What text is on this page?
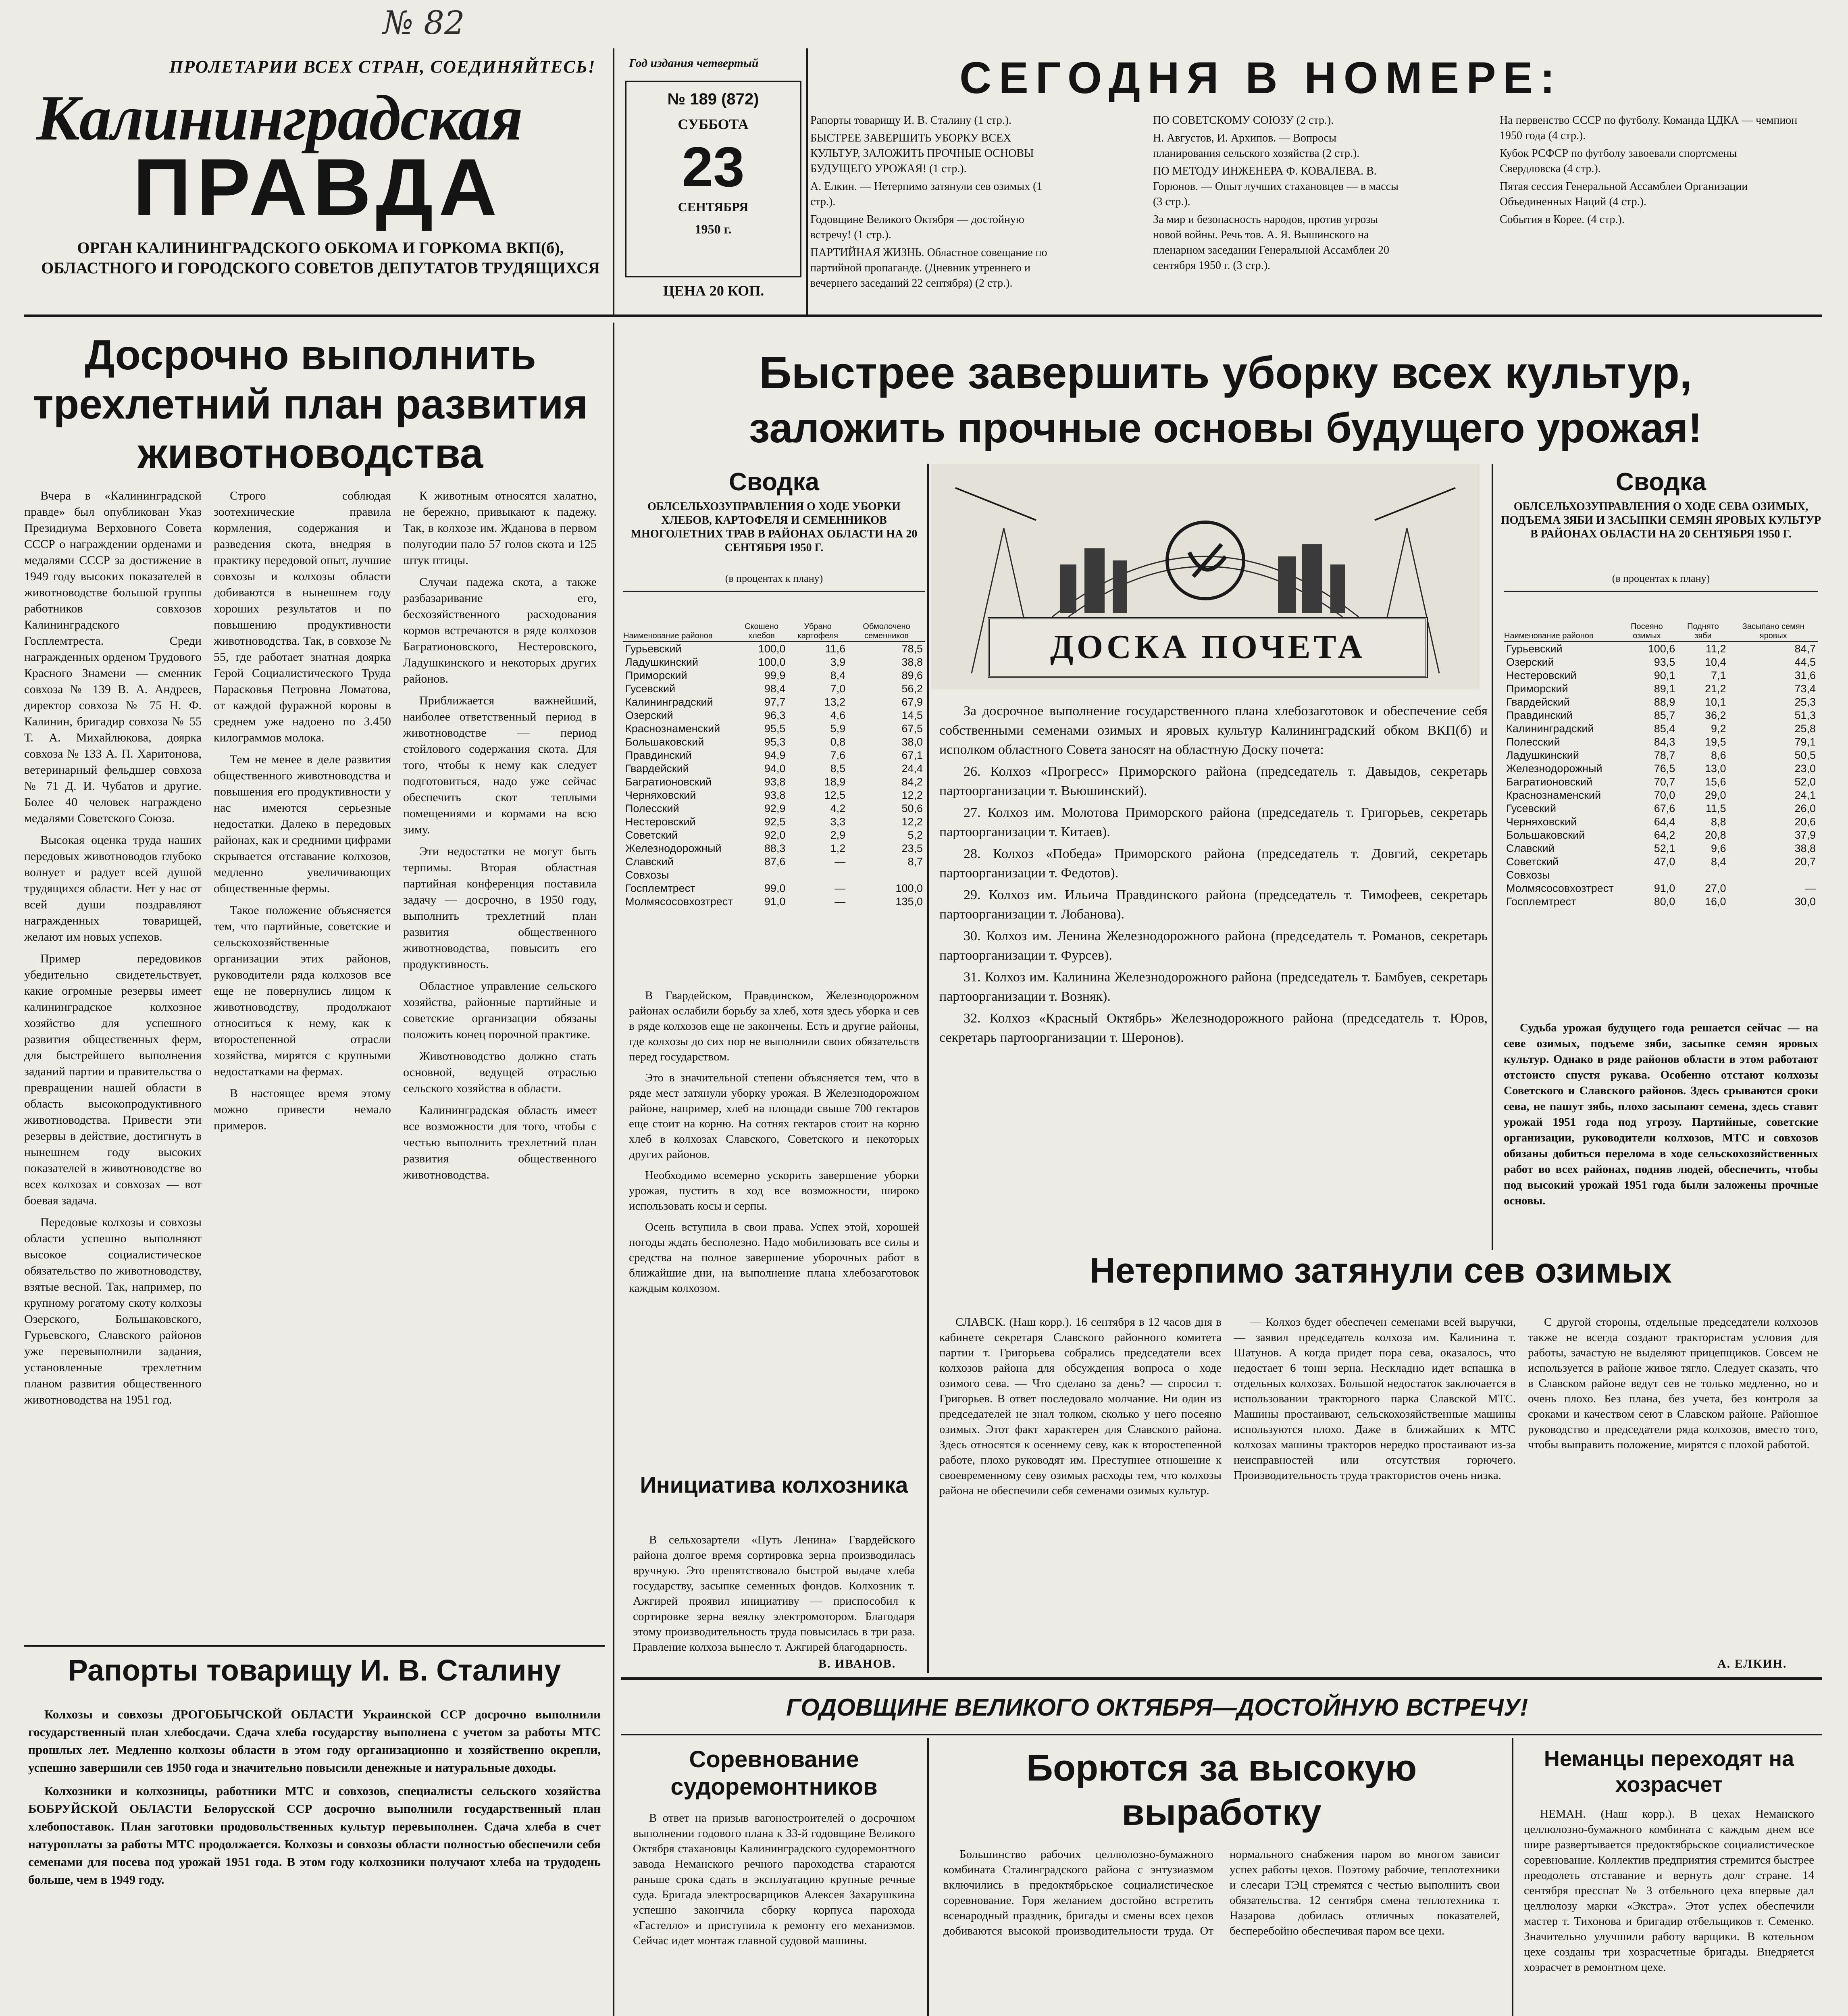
№ 82
ПРОЛЕТАРИИ ВСЕХ СТРАН, СОЕДИНЯЙТЕСЬ!
Калининградская
ПРАВДА
ОРГАН КАЛИНИНГРАДСКОГО ОБКОМА И ГОРКОМА ВКП(б), ОБЛАСТНОГО И ГОРОДСКОГО СОВЕТОВ ДЕПУТАТОВ ТРУДЯЩИХСЯ
Год издания четвертый
№ 189 (872)
СУББОТА
23
СЕНТЯБРЯ
1950 г.
ЦЕНА 20 КОП.
СЕГОДНЯ В НОМЕРЕ:

Рапорты товарищу И. В. Сталину (1 стр.).

БЫСТРЕЕ ЗАВЕРШИТЬ УБОРКУ ВСЕХ КУЛЬТУР, ЗАЛОЖИТЬ ПРОЧНЫЕ ОСНОВЫ БУДУЩЕГО УРОЖАЯ! (1 стр.).

А. Елкин. — Нетерпимо затянули сев озимых (1 стр.).

Годовщине Великого Октября — достойную встречу! (1 стр.).

ПАРТИЙНАЯ ЖИЗНЬ. Областное совещание по партийной пропаганде. (Дневник утреннего и вечернего заседаний 22 сентября) (2 стр.).

ПО СОВЕТСКОМУ СОЮЗУ (2 стр.).

Н. Августов, И. Архипов. — Вопросы планирования сельского хозяйства (2 стр.).

ПО МЕТОДУ ИНЖЕНЕРА Ф. КОВАЛЕВА. В. Горюнов. — Опыт лучших стахановцев — в массы (3 стр.).

За мир и безопасность народов, против угрозы новой войны. Речь тов. А. Я. Вышинского на пленарном заседании Генеральной Ассамблеи 20 сентября 1950 г. (3 стр.).

На первенство СССР по футболу. Команда ЦДКА — чемпион 1950 года (4 стр.).

Кубок РСФСР по футболу завоевали спортсмены Свердловска (4 стр.).

Пятая сессия Генеральной Ассамблеи Организации Объединенных Наций (4 стр.).

События в Корее. (4 стр.).

Досрочно выполнить трехлетний план развития животноводства

Вчера в «Калининградской правде» был опубликован Указ Президиума Верховного Совета СССР о награждении орденами и медалями СССР за достижение в 1949 году высоких показателей в животноводстве большой группы работников совхозов Калининградского Госплемтреста. Среди награжденных орденом Трудового Красного Знамени — сменник совхоза № 139 В. А. Андреев, директор совхоза № 75 Н. Ф. Калинин, бригадир совхоза № 55 Т. А. Михайлюкова, доярка совхоза № 133 А. П. Харитонова, ветеринарный фельдшер совхоза № 71 Д. И. Чубатов и другие. Более 40 человек награждено медалями Советского Союза.

Высокая оценка труда наших передовых животноводов глубоко волнует и радует всей душой трудящихся области. Нет у нас от всей души поздравляют награжденных товарищей, желают им новых успехов.

Пример передовиков убедительно свидетельствует, какие огромные резервы имеет калининградское колхозное хозяйство для успешного развития общественных ферм, для быстрейшего выполнения заданий партии и правительства о превращении нашей области в область высокопродуктивного животноводства. Привести эти резервы в действие, достигнуть в нынешнем году высоких показателей в животноводстве во всех колхозах и совхозах — вот боевая задача.

Передовые колхозы и совхозы области успешно выполняют высокое социалистическое обязательство по животноводству, взятые весной. Так, например, по крупному рогатому скоту колхозы Озерского, Большаковского, Гурьевского, Славского районов уже перевыполнили задания, установленные трехлетним планом развития общественного животноводства на 1951 год.

Строго соблюдая зоотехнические правила кормления, содержания и разведения скота, внедряя в практику передовой опыт, лучшие совхозы и колхозы области добиваются в нынешнем году хороших результатов и по повышению продуктивности животноводства. Так, в совхозе № 55, где работает знатная доярка Герой Социалистического Труда Парасковья Петровна Ломатова, от каждой фуражной коровы в среднем уже надоено по 3.450 килограммов молока.

Тем не менее в деле развития общественного животноводства и повышения его продуктивности у нас имеются серьезные недостатки. Далеко в передовых районах, как и средними цифрами скрывается отставание колхозов, медленно увеличивающих общественные фермы.

Такое положение объясняется тем, что партийные, советские и сельскохозяйственные организации этих районов, руководители ряда колхозов все еще не повернулись лицом к животноводству, продолжают относиться к нему, как к второстепенной отрасли хозяйства, мирятся с крупными недостатками на фермах.

В настоящее время этому можно привести немало примеров.

К животным относятся халатно, не бережно, привыкают к падежу. Так, в колхозе им. Жданова в первом полугодии пало 57 голов скота и 125 штук птицы.

Случаи падежа скота, а также разбазаривание его, бесхозяйственного расходования кормов встречаются в ряде колхозов Багратионовского, Нестеровского, Ладушкинского и некоторых других районов.

Приближается важнейший, наиболее ответственный период в животноводстве — период стойлового содержания скота. Для того, чтобы к нему как следует подготовиться, надо уже сейчас обеспечить скот теплыми помещениями и кормами на всю зиму.

Эти недостатки не могут быть терпимы. Вторая областная партийная конференция поставила задачу — досрочно, в 1950 году, выполнить трехлетний план развития общественного животноводства, повысить его продуктивность.

Областное управление сельского хозяйства, районные партийные и советские организации обязаны положить конец порочной практике.

Животноводство должно стать основной, ведущей отраслью сельского хозяйства в области.

Калининградская область имеет все возможности для того, чтобы с честью выполнить трехлетний план развития общественного животноводства.

Рапорты товарищу И. В. Сталину

Колхозы и совхозы ДРОГОБЫЧСКОЙ ОБЛАСТИ Украинской ССР досрочно выполнили государственный план хлебосдачи. Сдача хлеба государству выполнена с учетом за работы МТС прошлых лет. Медленно колхозы области в этом году организационно и хозяйственно окрепли, успешно завершили сев 1950 года и значительно повысили денежные и натуральные доходы.

Колхозники и колхозницы, работники МТС и совхозов, специалисты сельского хозяйства БОБРУЙСКОЙ ОБЛАСТИ Белорусской ССР досрочно выполнили государственный план хлебопоставок. План заготовки продовольственных культур перевыполнен. Сдача хлеба в счет натуроплаты за работы МТС продолжается. Колхозы и совхозы области полностью обеспечили себя семенами для посева под урожай 1951 года. В этом году колхозники получают хлеба на трудодень больше, чем в 1949 году.

Быстрее завершить уборку всех культур,
заложить прочные основы будущего урожая!
Сводка
ОБЛСЕЛЬХОЗУПРАВЛЕНИЯ О ХОДЕ УБОРКИ ХЛЕБОВ, КАРТОФЕЛЯ И СЕМЕННИКОВ МНОГОЛЕТНИХ ТРАВ В РАЙОНАХ ОБЛАСТИ НА 20 СЕНТЯБРЯ 1950 Г.
(в процентах к плану)
Наименование районов	Скошено хлебов	Убрано картофеля	Обмолочено семенников
Гурьевский	100,0	11,6	78,5
Ладушкинский	100,0	3,9	38,8
Приморский	99,9	8,4	89,6
Гусевский	98,4	7,0	56,2
Калининградский	97,7	13,2	67,9
Озерский	96,3	4,6	14,5
Краснознаменский	95,5	5,9	67,5
Большаковский	95,3	0,8	38,0
Правдинский	94,9	7,6	67,1
Гвардейский	94,0	8,5	24,4
Багратионовский	93,8	18,9	84,2
Черняховский	93,8	12,5	12,2
Полесский	92,9	4,2	50,6
Нестеровский	92,5	3,3	12,2
Советский	92,0	2,9	5,2
Железнодорожный	88,3	1,2	23,5
Славский	87,6	—	8,7
Совхозы			
Госплемтрест	99,0	—	100,0
Молмясосовхозтрест	91,0	—	135,0
ДОСКА ПОЧЕТА

За досрочное выполнение государственного плана хлебозаготовок и обеспечение себя собственными семенами озимых и яровых культур Калининградский обком ВКП(б) и исполком областного Совета заносят на областную Доску почета:

26. Колхоз «Прогресс» Приморского района (председатель т. Давыдов, секретарь партоорганизации т. Вьюшинский).

27. Колхоз им. Молотова Приморского района (председатель т. Григорьев, секретарь партоорганизации т. Китаев).

28. Колхоз «Победа» Приморского района (председатель т. Довгий, секретарь партоорганизации т. Федотов).

29. Колхоз им. Ильича Правдинского района (председатель т. Тимофеев, секретарь партоорганизации т. Лобанова).

30. Колхоз им. Ленина Железнодорожного района (председатель т. Романов, секретарь партоорганизации т. Фурсев).

31. Колхоз им. Калинина Железнодорожного района (председатель т. Бамбуев, секретарь партоорганизации т. Возняк).

32. Колхоз «Красный Октябрь» Железнодорожного района (председатель т. Юров, секретарь партоорганизации т. Шеронов).

Сводка
ОБЛСЕЛЬХОЗУПРАВЛЕНИЯ О ХОДЕ СЕВА ОЗИМЫХ, ПОДЪЕМА ЗЯБИ И ЗАСЫПКИ СЕМЯН ЯРОВЫХ КУЛЬТУР В РАЙОНАХ ОБЛАСТИ НА 20 СЕНТЯБРЯ 1950 Г.
(в процентах к плану)
Наименование районов	Посеяно озимых	Поднято зяби	Засыпано семян яровых
Гурьевский	100,6	11,2	84,7
Озерский	93,5	10,4	44,5
Нестеровский	90,1	7,1	31,6
Приморский	89,1	21,2	73,4
Гвардейский	88,9	10,1	25,3
Правдинский	85,7	36,2	51,3
Калининградский	85,4	9,2	25,8
Полесский	84,3	19,5	79,1
Ладушкинский	78,7	8,6	50,5
Железнодорожный	76,5	13,0	23,0
Багратионовский	70,7	15,6	52,0
Краснознаменский	70,0	29,0	24,1
Гусевский	67,6	11,5	26,0
Черняховский	64,4	8,8	20,6
Большаковский	64,2	20,8	37,9
Славский	52,1	9,6	38,8
Советский	47,0	8,4	20,7
Совхозы			
Молмясосовхозтрест	91,0	27,0	—
Госплемтрест	80,0	16,0	30,0

Судьба урожая будущего года решается сейчас — на севе озимых, подъеме зяби, засыпке семян яровых культур. Однако в ряде районов области в этом работают отстоисто спустя рукава. Особенно отстают колхозы Советского и Славского районов. Здесь срываются сроки сева, не пашут зябь, плохо засыпают семена, здесь ставят урожай 1951 года под угрозу. Партийные, советские организации, руководители колхозов, МТС и совхозов обязаны добиться перелома в ходе сельскохозяйственных работ во всех районах, подняв людей, обеспечить, чтобы под высокий урожай 1951 года были заложены прочные основы.

В Гвардейском, Правдинском, Железнодорожном районах ослабили борьбу за хлеб, хотя здесь уборка и сев в ряде колхозов еще не закончены. Есть и другие районы, где колхозы до сих пор не выполнили своих обязательств перед государством.

Это в значительной степени объясняется тем, что в ряде мест затянули уборку урожая. В Железнодорожном районе, например, хлеб на площади свыше 700 гектаров еще стоит на корню. На сотнях гектаров стоит на корню хлеб в колхозах Славского, Советского и некоторых других районов.

Необходимо всемерно ускорить завершение уборки урожая, пустить в ход все возможности, широко использовать косы и серпы.

Осень вступила в свои права. Успех этой, хорошей погоды ждать бесполезно. Надо мобилизовать все силы и средства на полное завершение уборочных работ в ближайшие дни, на выполнение плана хлебозаготовок каждым колхозом.

Инициатива колхозника

В сельхозартели «Путь Ленина» Гвардейского района долгое время сортировка зерна производилась вручную. Это препятствовало быстрой выдаче хлеба государству, засыпке семенных фондов. Колхозник т. Ажгирей проявил инициативу — приспособил к сортировке зерна веялку электромотором. Благодаря этому производительность труда повысилась в три раза. Правление колхоза вынесло т. Ажгирей благодарность.

В. ИВАНОВ.
Нетерпимо затянули сев озимых

СЛАВСК. (Наш корр.). 16 сентября в 12 часов дня в кабинете секретаря Славского районного комитета партии т. Григорьева собрались председатели всех колхозов района для обсуждения вопроса о ходе озимого сева. — Что сделано за день? — спросил т. Григорьев. В ответ последовало молчание. Ни один из председателей не знал толком, сколько у него посеяно озимых. Этот факт характерен для Славского района. Здесь относятся к осеннему севу, как к второстепенной работе, плохо руководят им. Преступнее отношение к своевременному севу озимых расходы тем, что колхозы района не обеспечили себя семенами озимых культур.

— Колхоз будет обеспечен семенами всей выручки, — заявил председатель колхоза им. Калинина т. Шатунов. А когда придет пора сева, оказалось, что недостает 6 тонн зерна. Нескладно идет вспашка в отдельных колхозах. Большой недостаток заключается в использовании тракторного парка Славской МТС. Машины простаивают, сельскохозяйственные машины используются плохо. Даже в ближайших к МТС колхозах машины тракторов нередко простаивают из-за неисправностей или отсутствия горючего. Производительность труда трактористов очень низка.

С другой стороны, отдельные председатели колхозов также не всегда создают трактористам условия для работы, зачастую не выделяют прицепщиков. Совсем не используется в районе живое тягло. Следует сказать, что в Славском районе ведут сев не только медленно, но и очень плохо. Без плана, без учета, без контроля за сроками и качеством сеют в Славском районе. Районное руководство и председатели ряда колхозов, вместо того, чтобы выправить положение, мирятся с плохой работой.

А. ЕЛКИН.
ГОДОВЩИНЕ ВЕЛИКОГО ОКТЯБРЯ—ДОСТОЙНУЮ ВСТРЕЧУ!
Соревнование судоремонтников

В ответ на призыв вагоностроителей о досрочном выполнении годового плана к 33-й годовщине Великого Октября стахановцы Калининградского судоремонтного завода Неманского речного пароходства стараются раньше срока сдать в эксплуатацию крупные речные суда. Бригада электросварщиков Алексея Захарушкина успешно закончила сборку корпуса парохода «Гастелло» и приступила к ремонту его механизмов. Сейчас идет монтаж главной судовой машины.

Борются за высокую выработку

Большинство рабочих целлюлозно-бумажного комбината Сталинградского района с энтузиазмом включились в предоктябрьское социалистическое соревнование. Горя желанием достойно встретить всенародный праздник, бригады и смены всех цехов добиваются высокой производительности труда. От нормального снабжения паром во многом зависит успех работы цехов. Поэтому рабочие, теплотехники и слесари ТЭЦ стремятся с честью выполнить свои обязательства. 12 сентября смена теплотехника т. Назарова добилась отличных показателей, бесперебойно обеспечивая паром все цехи.

Неманцы переходят на хозрасчет

НЕМАН. (Наш корр.). В цехах Неманского целлюлозно-бумажного комбината с каждым днем все шире развертывается предоктябрьское социалистическое соревнование. Коллектив предприятия стремится быстрее преодолеть отставание и вернуть долг стране. 14 сентября пресспат № 3 отбельного цеха впервые дал целлюлозу марки «Экстра». Этот успех обеспечили мастер т. Тихонова и бригадир отбельщиков т. Семенко. Значительно улучшили работу варщики. В котельном цехе созданы три хозрасчетные бригады. Внедряется хозрасчет в ремонтном цехе.
